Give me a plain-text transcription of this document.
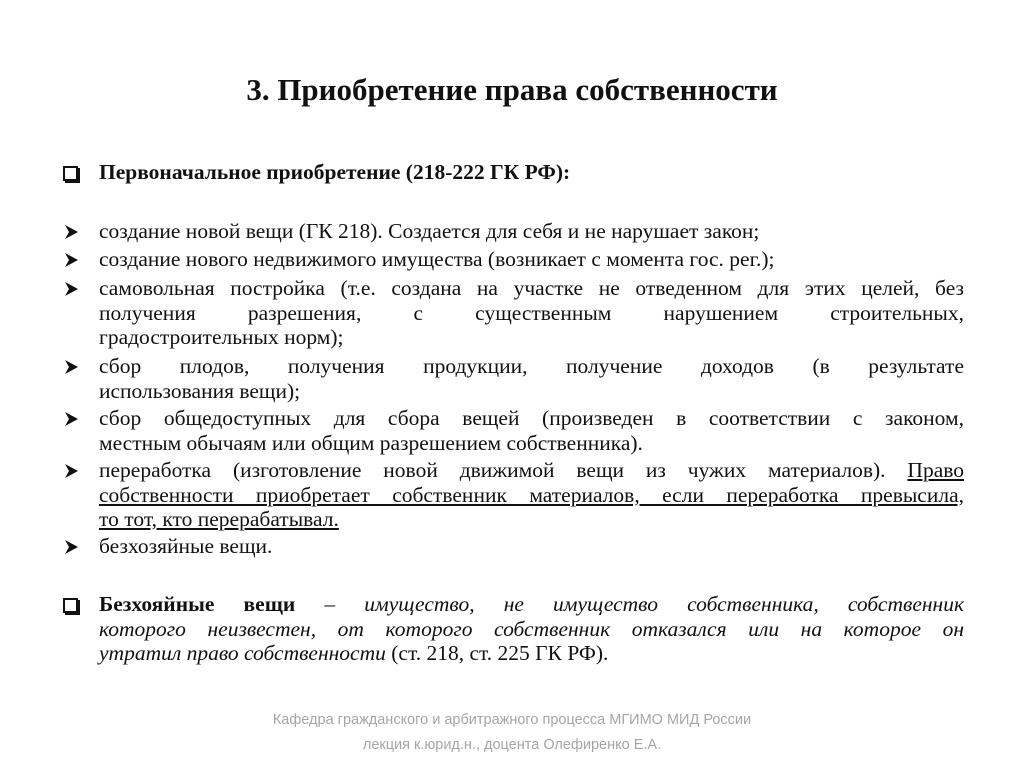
3. Приобретение права собственности
Первоначальное приобретение (218-222 ГК РФ):
создание новой вещи (ГК 218). Создается для себя и не нарушает закон;
создание нового недвижимого имущества (возникает с момента гос. рег.);
самовольная постройка (т.е. создана на участке не отведенном для этих целей, без
получения разрешения, с существенным нарушением строительных,
градостроительных норм);
сбор плодов, получения продукции, получение доходов (в результате
использования вещи);
сбор общедоступных для сбора вещей (произведен в соответствии с законом,
местным обычаям или общим разрешением собственника).
переработка (изготовление новой движимой вещи из чужих материалов). Право
собственности приобретает собственник материалов, если переработка превысила,
то тот, кто перерабатывал.
безхозяйные вещи.
Безхояйные вещи – имущество, не имущество собственника, собственник
которого неизвестен, от которого собственник отказался или на которое он
утратил право собственности (ст. 218, ст. 225 ГК РФ).
Кафедра гражданского и арбитражного процесса МГИМО МИД России
лекция к.юрид.н., доцента Олефиренко Е.А.
